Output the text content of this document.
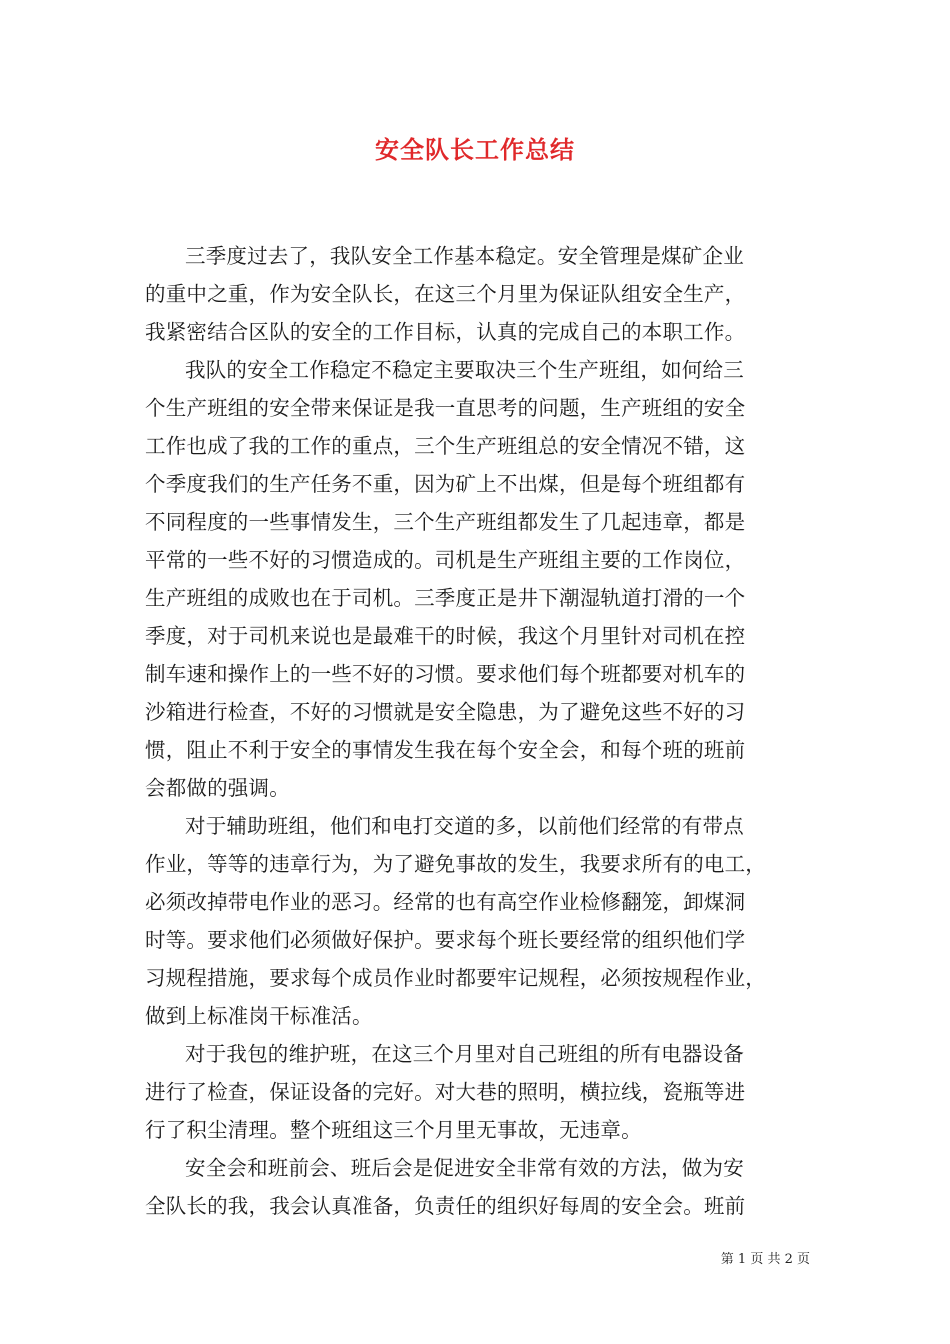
安全队长工作总结
三季度过去了，我队安全工作基本稳定。安全管理是煤矿企业
的重中之重，作为安全队长，在这三个月里为保证队组安全生产，
我紧密结合区队的安全的工作目标，认真的完成自己的本职工作。
我队的安全工作稳定不稳定主要取决三个生产班组，如何给三
个生产班组的安全带来保证是我一直思考的问题，生产班组的安全
工作也成了我的工作的重点，三个生产班组总的安全情况不错，这
个季度我们的生产任务不重，因为矿上不出煤，但是每个班组都有
不同程度的一些事情发生，三个生产班组都发生了几起违章，都是
平常的一些不好的习惯造成的。司机是生产班组主要的工作岗位，
生产班组的成败也在于司机。三季度正是井下潮湿轨道打滑的一个
季度，对于司机来说也是最难干的时候，我这个月里针对司机在控
制车速和操作上的一些不好的习惯。要求他们每个班都要对机车的
沙箱进行检查，不好的习惯就是安全隐患，为了避免这些不好的习
惯，阻止不利于安全的事情发生我在每个安全会，和每个班的班前
会都做的强调。
对于辅助班组，他们和电打交道的多，以前他们经常的有带点
作业，等等的违章行为，为了避免事故的发生，我要求所有的电工，
必须改掉带电作业的恶习。经常的也有高空作业检修翻笼，卸煤洞
时等。要求他们必须做好保护。要求每个班长要经常的组织他们学
习规程措施，要求每个成员作业时都要牢记规程，必须按规程作业，
做到上标准岗干标准活。
对于我包的维护班，在这三个月里对自己班组的所有电器设备
进行了检查，保证设备的完好。对大巷的照明，横拉线，瓷瓶等进
行了积尘清理。整个班组这三个月里无事故，无违章。
安全会和班前会、班后会是促进安全非常有效的方法，做为安
全队长的我，我会认真准备，负责任的组织好每周的安全会。班前
第 1 页 共 2 页
